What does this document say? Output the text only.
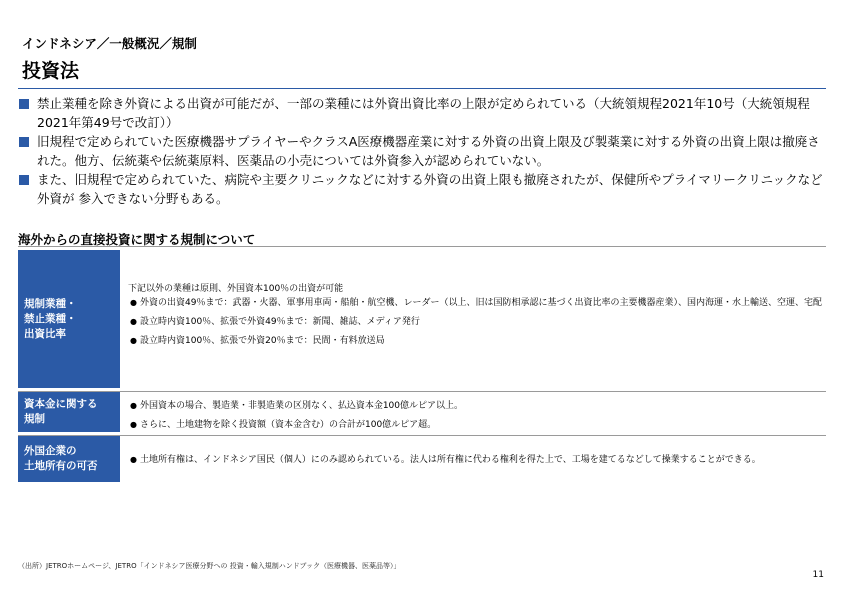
インドネシア／一般概況／規制
投資法
禁止業種を除き外資による出資が可能だが、一部の業種には外資出資比率の上限が定められている（大統領規程2021年10号（大統領規程2021年第49号で改訂））
旧規程で定められていた医療機器サプライヤーやクラスA医療機器産業に対する外資の出資上限及び製薬業に対する外資の出資上限は撤廃された。他方、伝統薬や伝統薬原料、医薬品の小売については外資参入が認められていない。
また、旧規程で定められていた、病院や主要クリニックなどに対する外資の出資上限も撤廃されたが、保健所やプライマリークリニックなど外資が 参入できない分野もある。
海外からの直接投資に関する規制について
規制業種・
禁止業種・
出資比率
下記以外の業種は原則、外国資本100％の出資が可能
● 外資の出資49％まで：武器・火器、軍事用車両・船舶・航空機、レーダー（以上、旧は国防相承認に基づく出資比率の主要機器産業）、国内海運・水上輸送、空運、宅配
● 設立時内資100％、拡張で外資49％まで：新聞、雑誌、メディア発行
● 設立時内資100％、拡張で外資20％まで：民間・有料放送局
資本金に関する
規制
● 外国資本の場合、製造業・非製造業の区別なく、払込資本金100億ルピア以上。
● さらに、土地建物を除く投資額（資本金含む）の合計が100億ルピア超。
外国企業の
土地所有の可否
● 土地所有権は、インドネシア国民（個人）にのみ認められている。法人は所有権に代わる権利を得た上で、工場を建てるなどして操業することができる。
（出所）JETROホームページ、JETRO「インドネシア医療分野への 投資・輸入規制ハンドブック（医療機器、医薬品等）」
11
